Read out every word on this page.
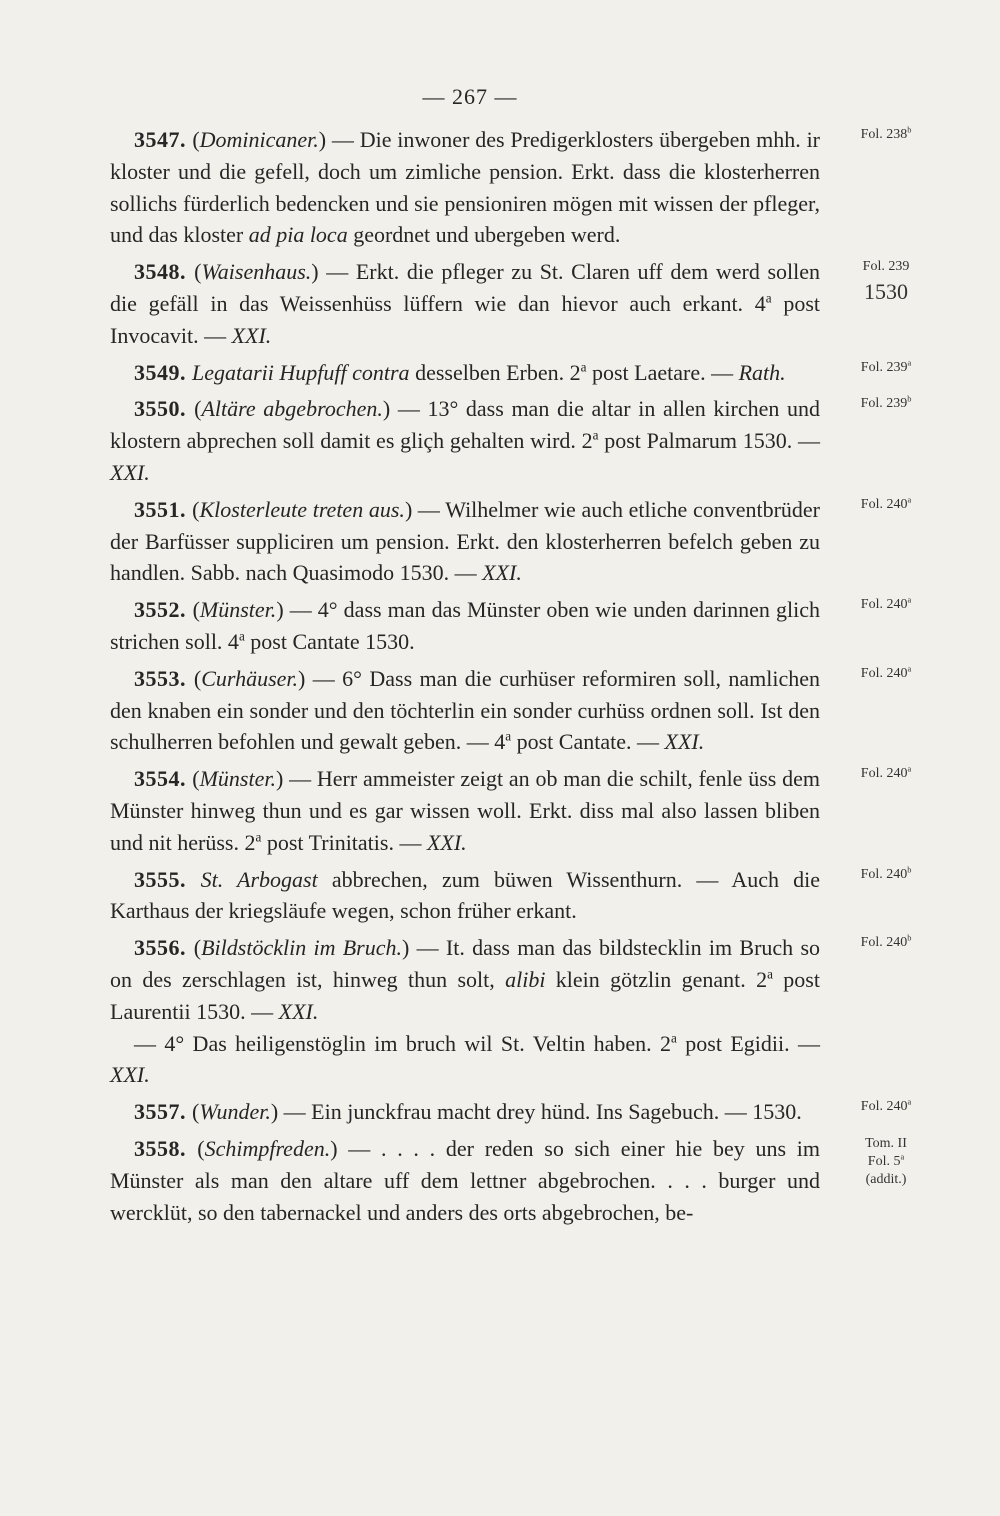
— 267 —
3547. (Dominicaner.) — Die inwoner des Predigerklosters übergeben mhh. ir kloster und die gefell, doch um zimliche pension. Erkt. dass die klosterherren sollichs fürderlich bedencken und sie pensioniren mögen mit wissen der pfleger, und das kloster ad pia loca geordnet und ubergeben werd.
Fol. 238$^b$
3548. (Waisenhaus.) — Erkt. die pfleger zu St. Claren uff dem werd sollen die gefäll in das Weissenhüss lüffern wie dan hievor auch erkant. 4$^a$ post Invocavit. — XXI.
Fol. 239
1530
3549. Legatarii Hupfuff contra desselben Erben. 2$^a$ post Laetare. — Rath.	Fol. 239$^a$
3550. (Altäre abgebrochen.) — 13° dass man die altar in allen kirchen und klostern abprechen soll damit es gliçh gehalten wird. 2$^a$ post Palmarum 1530. — XXI.
Fol. 239$^b$
3551. (Klosterleute treten aus.) — Wilhelmer wie auch etliche conventbrüder der Barfüsser suppliciren um pension. Erkt. den klosterherren befelch geben zu handlen. Sabb. nach Quasimodo 1530. — XXI.
Fol. 240$^a$
3552. (Münster.) — 4° dass man das Münster oben wie unden darinnen glich strichen soll. 4$^a$ post Cantate 1530.
Fol. 240$^a$
3553. (Curhäuser.) — 6° Dass man die curhüser reformiren soll, namlichen den knaben ein sonder und den töchterlin ein sonder curhüss ordnen soll. Ist den schulherren befohlen und gewalt geben. — 4$^a$ post Cantate. — XXI.
Fol. 240$^a$
3554. (Münster.) — Herr ammeister zeigt an ob man die schilt, fenle üss dem Münster hinweg thun und es gar wissen woll. Erkt. diss mal also lassen bliben und nit herüss. 2$^a$ post Trinitatis. — XXI.
Fol. 240$^a$
3555. St. Arbogast abbrechen, zum büwen Wissenthurn. — Auch die Karthaus der kriegsläufe wegen, schon früher erkant.
Fol. 240$^b$
3556. (Bildstöcklin im Bruch.) — It. dass man das bildstecklin im Bruch so on des zerschlagen ist, hinweg thun solt, alibi klein götzlin genant. 2$^a$ post Laurentii 1530. — XXI.
— 4° Das heiligenstöglin im bruch wil St. Veltin haben. 2$^a$ post Egidii. — XXI.
Fol. 240$^b$
3557. (Wunder.) — Ein junckfrau macht drey hünd. Ins Sagebuch. — 1530.	Fol. 240$^a$
3558. (Schimpfreden.) — . . . . der reden so sich einer hie bey uns im Münster als man den altare uff dem lettner abgebrochen. . . . burger und wercklüt, so den tabernackel und anders des orts abgebrochen, be-
Tom. II
Fol. 5$^a$
(addit.)
